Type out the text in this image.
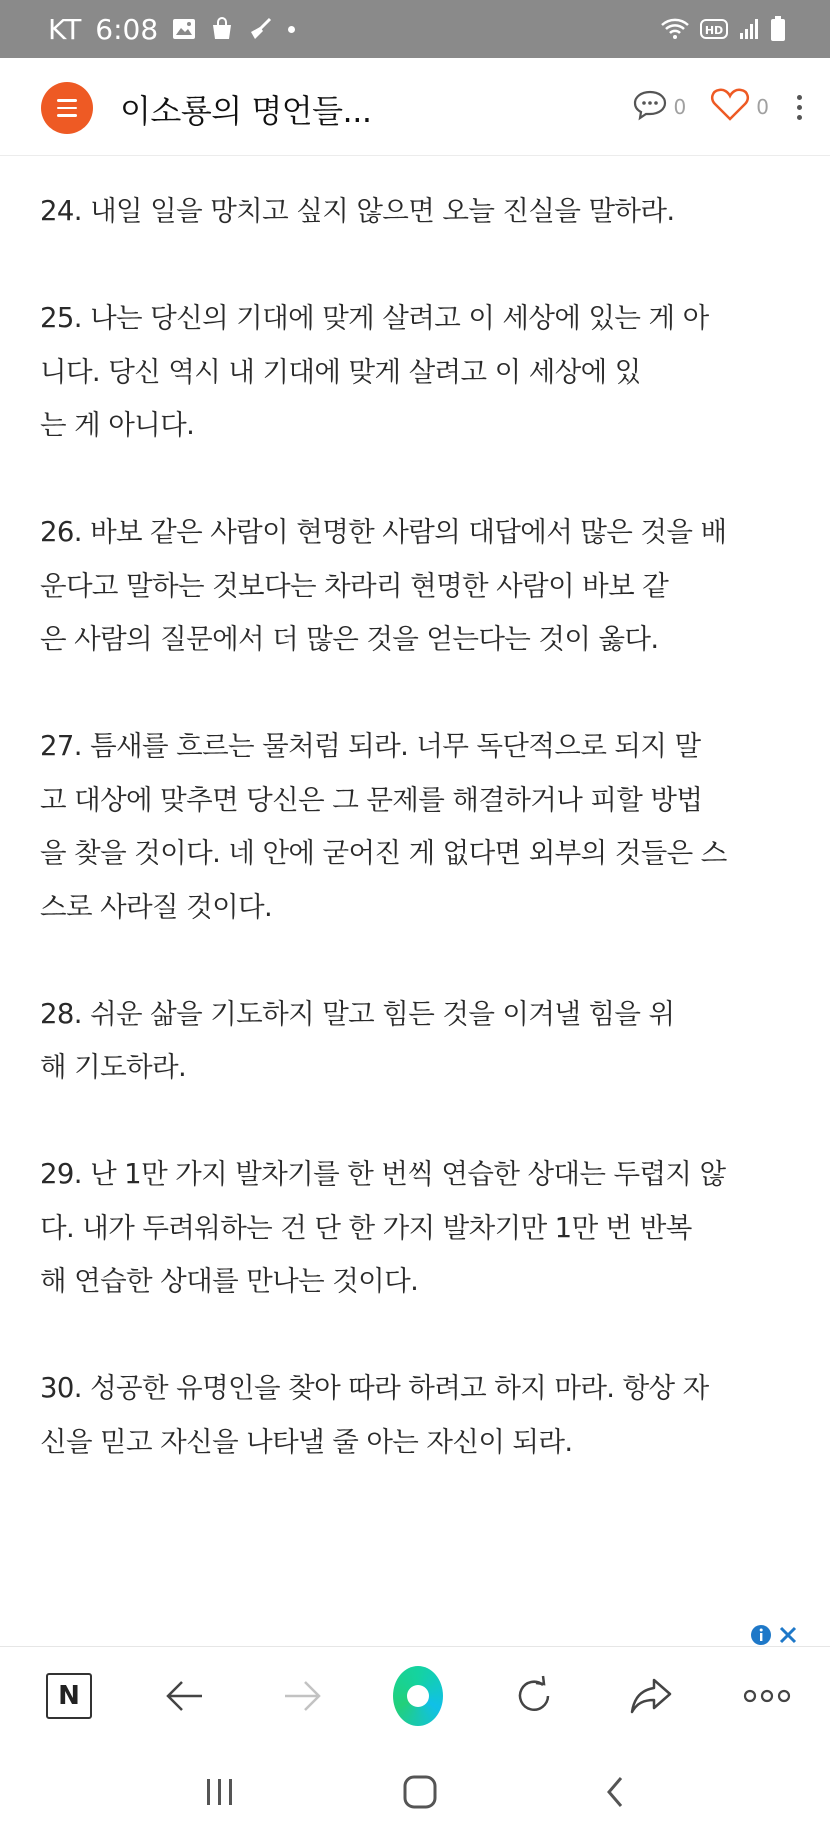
KT 6:08	HD
이소룡의 명언들...	0	0

24. 내일 일을 망치고 싶지 않으면 오늘 진실을 말하라.

25. 나는 당신의 기대에 맞게 살려고 이 세상에 있는 게 아
니다. 당신 역시 내 기대에 맞게 살려고 이 세상에 있
는 게 아니다.

26. 바보 같은 사람이 현명한 사람의 대답에서 많은 것을 배
운다고 말하는 것보다는 차라리 현명한 사람이 바보 같
은 사람의 질문에서 더 많은 것을 얻는다는 것이 옳다.

27. 틈새를 흐르는 물처럼 되라. 너무 독단적으로 되지 말
고 대상에 맞추면 당신은 그 문제를 해결하거나 피할 방법
을 찾을 것이다. 네 안에 굳어진 게 없다면 외부의 것들은 스
스로 사라질 것이다.

28. 쉬운 삶을 기도하지 말고 힘든 것을 이겨낼 힘을 위
해 기도하라.

29. 난 1만 가지 발차기를 한 번씩 연습한 상대는 두렵지 않
다. 내가 두려워하는 건 단 한 가지 발차기만 1만 번 반복
해 연습한 상대를 만나는 것이다.

30. 성공한 유명인을 찾아 따라 하려고 하지 마라. 항상 자
신을 믿고 자신을 나타낼 줄 아는 자신이 되라.

N
